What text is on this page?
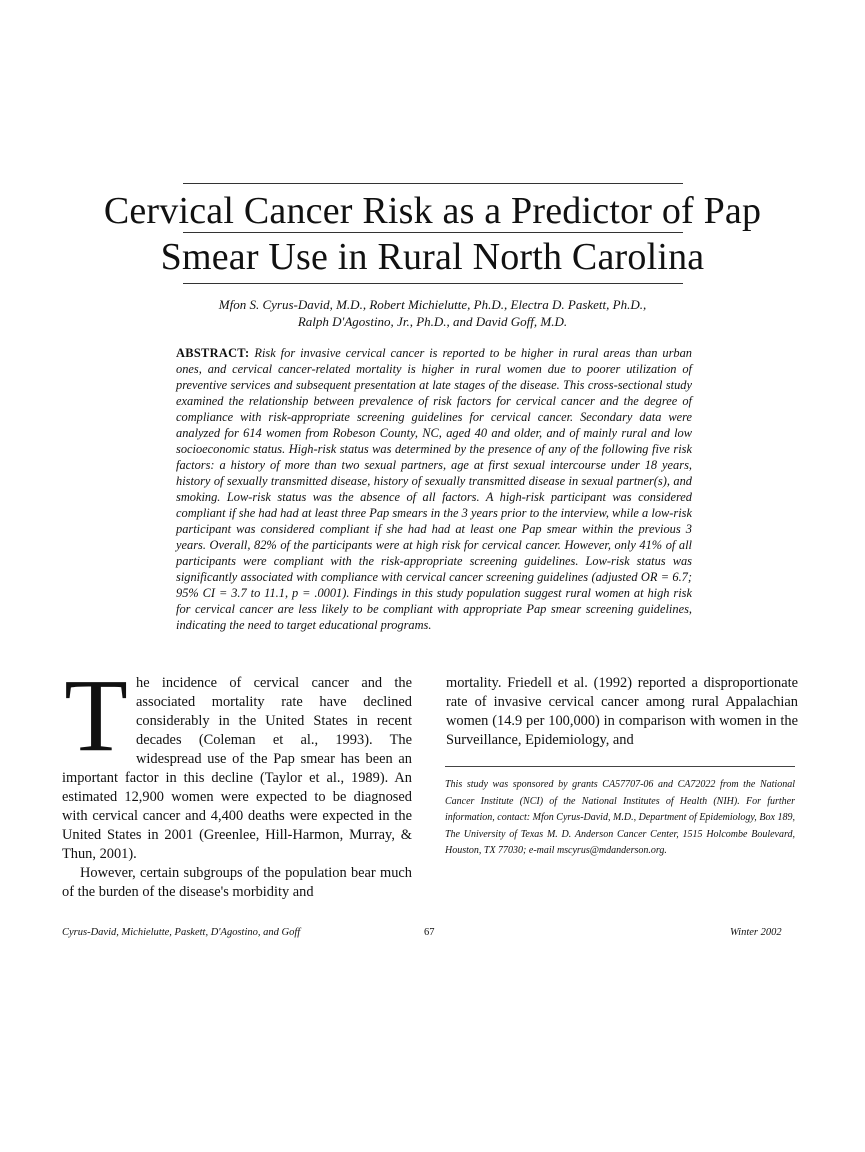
Cervical Cancer Risk as a Predictor of Pap
Smear Use in Rural North Carolina
Mfon S. Cyrus-David, M.D., Robert Michielutte, Ph.D., Electra D. Paskett, Ph.D.,
Ralph D'Agostino, Jr., Ph.D., and David Goff, M.D.
ABSTRACT: Risk for invasive cervical cancer is reported to be higher in rural areas than urban ones, and cervical cancer-related mortality is higher in rural women due to poorer utilization of preventive services and subsequent presentation at late stages of the disease. This cross-sectional study examined the relationship between prevalence of risk factors for cervical cancer and the degree of compliance with risk-appropriate screening guidelines for cervical cancer. Secondary data were analyzed for 614 women from Robeson County, NC, aged 40 and older, and of mainly rural and low socioeconomic status. High-risk status was determined by the presence of any of the following five risk factors: a history of more than two sexual partners, age at first sexual intercourse under 18 years, history of sexually transmitted disease, history of sexually transmitted disease in sexual partner(s), and smoking. Low-risk status was the absence of all factors. A high-risk participant was considered compliant if she had had at least three Pap smears in the 3 years prior to the interview, while a low-risk participant was considered compliant if she had had at least one Pap smear within the previous 3 years. Overall, 82% of the participants were at high risk for cervical cancer. However, only 41% of all participants were compliant with the risk-appropriate screening guidelines. Low-risk status was significantly associated with compliance with cervical cancer screening guidelines (adjusted OR = 6.7; 95% CI = 3.7 to 11.1, p = .0001). Findings in this study population suggest rural women at high risk for cervical cancer are less likely to be compliant with appropriate Pap smear screening guidelines, indicating the need to target educational programs.

The incidence of cervical cancer and the associated mortality rate have declined considerably in the United States in recent decades (Coleman et al., 1993). The widespread use of the Pap smear has been an important factor in this decline (Taylor et al., 1989). An estimated 12,900 women were expected to be diagnosed with cervical cancer and 4,400 deaths were expected in the United States in 2001 (Greenlee, Hill-Harmon, Murray, & Thun, 2001).

However, certain subgroups of the population bear much of the burden of the disease's morbidity and

mortality. Friedell et al. (1992) reported a disproportionate rate of invasive cervical cancer among rural Appalachian women (14.9 per 100,000) in comparison with women in the Surveillance, Epidemiology, and
This study was sponsored by grants CA57707-06 and CA72022 from the National Cancer Institute (NCI) of the National Institutes of Health (NIH). For further information, contact: Mfon Cyrus-David, M.D., Department of Epidemiology, Box 189, The University of Texas M. D. Anderson Cancer Center, 1515 Holcombe Boulevard, Houston, TX 77030; e-mail mscyrus@mdanderson.org.
Cyrus-David, Michielutte, Paskett, D'Agostino, and Goff	67	Winter 2002
